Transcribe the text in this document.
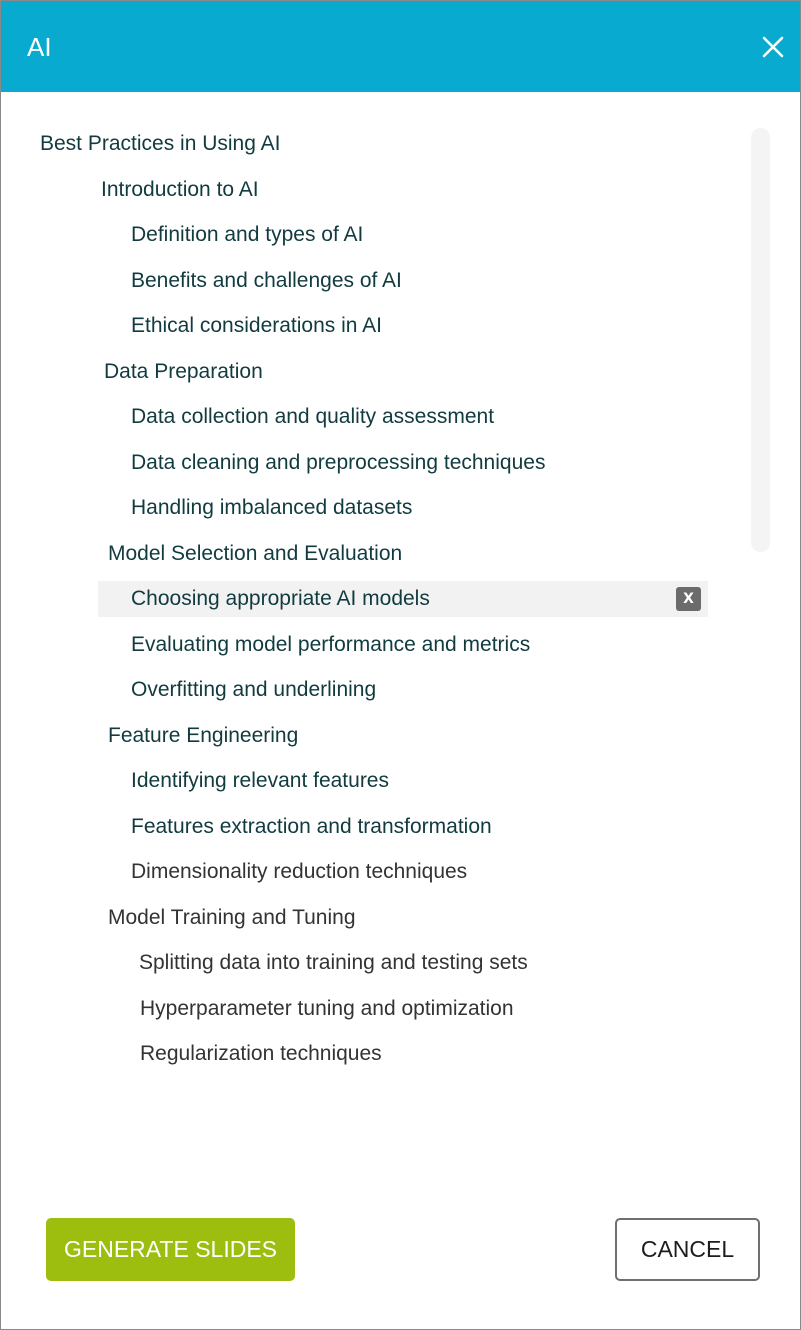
AI
Best Practices in Using AI
Introduction to AI
Definition and types of AI
Benefits and challenges of AI
Ethical considerations in AI
Data Preparation
Data collection and quality assessment
Data cleaning and preprocessing techniques
Handling imbalanced datasets
Model Selection and Evaluation
Choosing appropriate AI models	X
Evaluating model performance and metrics
Overfitting and underlining
Feature Engineering
Identifying relevant features
Features extraction and transformation
Dimensionality reduction techniques
Model Training and Tuning
Splitting data into training and testing sets
Hyperparameter tuning and optimization
Regularization techniques
GENERATE SLIDES	CANCEL
